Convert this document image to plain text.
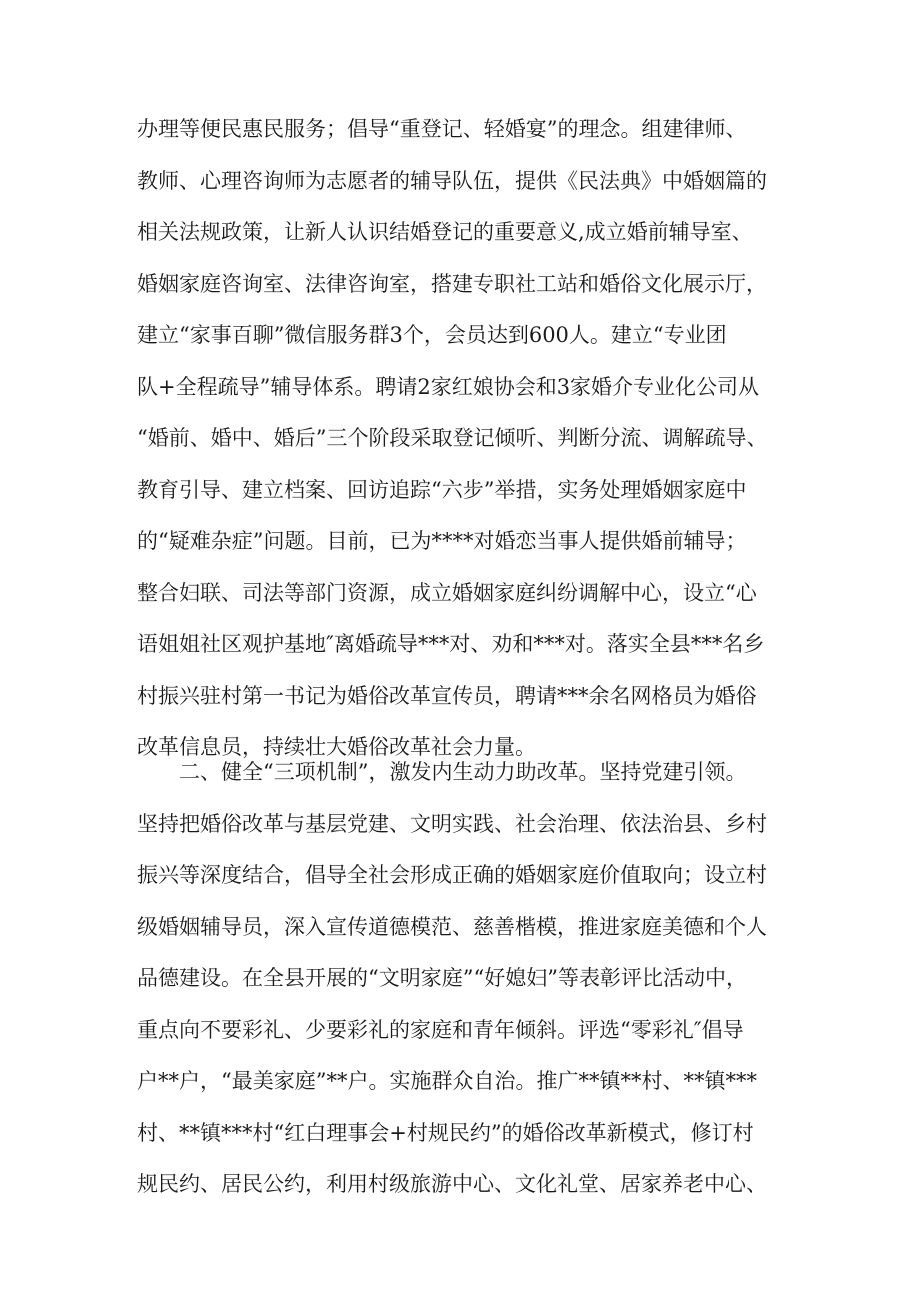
办理等便民惠民服务；倡导“重登记、轻婚宴”的理念。组建律师、
教师、心理咨询师为志愿者的辅导队伍，提供《民法典》中婚姻篇的
相关法规政策，让新人认识结婚登记的重要意义,成立婚前辅导室、
婚姻家庭咨询室、法律咨询室，搭建专职社工站和婚俗文化展示厅，
建立“家事百聊”微信服务群3个，会员达到600人。建立“专业团
队+全程疏导”辅导体系。聘请2家红娘协会和3家婚介专业化公司从
“婚前、婚中、婚后”三个阶段采取登记倾听、判断分流、调解疏导、
教育引导、建立档案、回访追踪“六步”举措，实务处理婚姻家庭中
的“疑难杂症”问题。目前，已为****对婚恋当事人提供婚前辅导；
整合妇联、司法等部门资源，成立婚姻家庭纠纷调解中心，设立“心
语姐姐社区观护基地″离婚疏导***对、劝和***对。落实全县***名乡
村振兴驻村第一书记为婚俗改革宣传员，聘请***余名网格员为婚俗
改革信息员，持续壮大婚俗改革社会力量。
二、健全“三项机制”，激发内生动力助改革。坚持党建引领。
坚持把婚俗改革与基层党建、文明实践、社会治理、依法治县、乡村
振兴等深度结合，倡导全社会形成正确的婚姻家庭价值取向；设立村
级婚姻辅导员，深入宣传道德模范、慈善楷模，推进家庭美德和个人
品德建设。在全县开展的“文明家庭”“好媳妇”等表彰评比活动中，
重点向不要彩礼、少要彩礼的家庭和青年倾斜。评选“零彩礼″倡导
户**户，“最美家庭”**户。实施群众自治。推广**镇**村、**镇***
村、**镇***村“红白理事会+村规民约”的婚俗改革新模式，修订村
规民约、居民公约，利用村级旅游中心、文化礼堂、居家养老中心、
